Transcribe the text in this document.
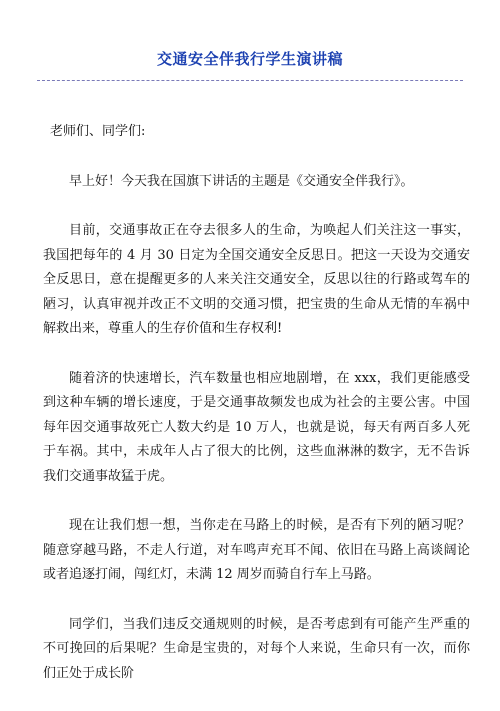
交通安全伴我行学生演讲稿

老师们、同学们:

早上好！今天我在国旗下讲话的主题是《交通安全伴我行》。

目前，交通事故正在夺去很多人的生命，为唤起人们关注这一事实，我国把每年的 4 月 30 日定为全国交通安全反思日。把这一天设为交通安全反思日，意在提醒更多的人来关注交通安全，反思以往的行路或驾车的陋习，认真审视并改正不文明的交通习惯，把宝贵的生命从无情的车祸中解救出来，尊重人的生存价值和生存权利!

随着济的快速增长，汽车数量也相应地剧增，在 xxx，我们更能感受到这种车辆的增长速度，于是交通事故频发也成为社会的主要公害。中国每年因交通事故死亡人数大约是 10 万人，也就是说，每天有两百多人死于车祸。其中，未成年人占了很大的比例，这些血淋淋的数字，无不告诉我们交通事故猛于虎。

现在让我们想一想，当你走在马路上的时候，是否有下列的陋习呢？随意穿越马路，不走人行道，对车鸣声充耳不闻、依旧在马路上高谈阔论或者追逐打闹，闯红灯，未满 12 周岁而骑自行车上马路。

同学们，当我们违反交通规则的时候，是否考虑到有可能产生严重的不可挽回的后果呢？生命是宝贵的，对每个人来说，生命只有一次，而你们正处于成长阶
